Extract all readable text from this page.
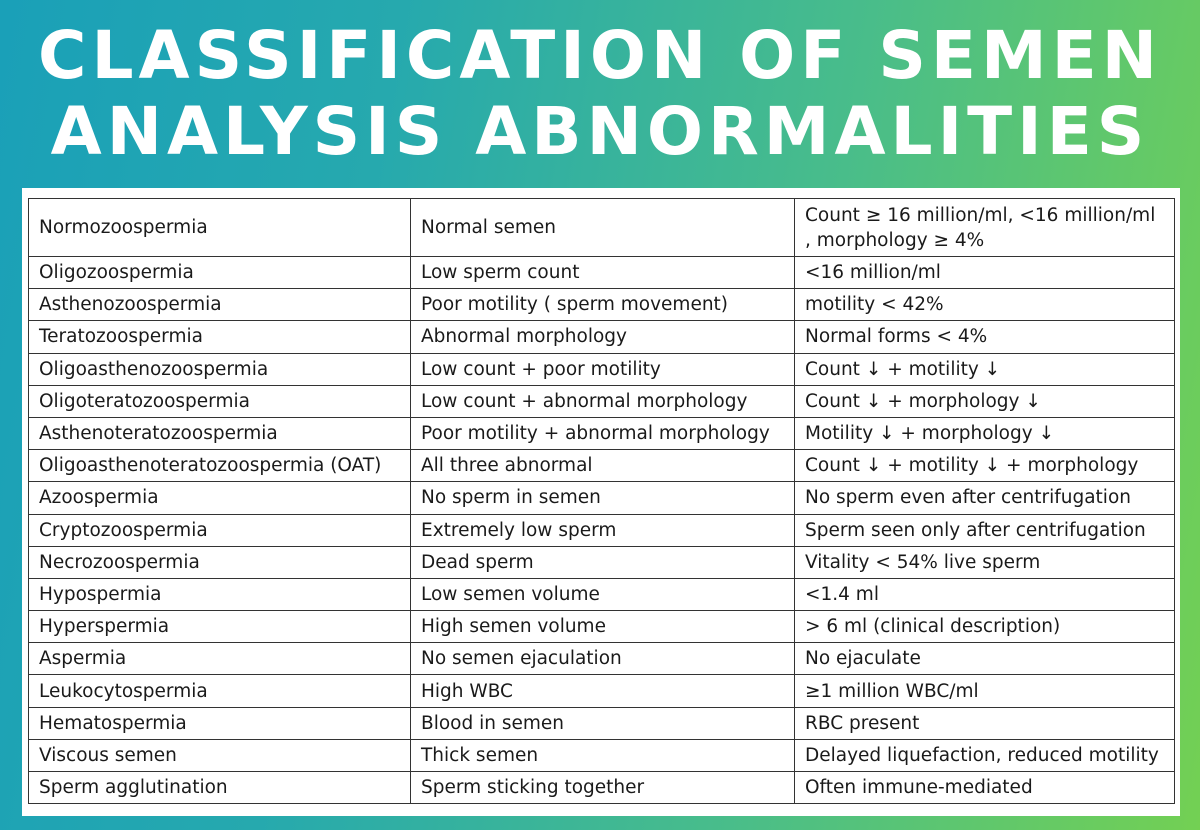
CLASSIFICATION OF SEMEN
ANALYSIS ABNORMALITIES
Normozoospermia	Normal semen	Count ≥ 16 million/ml, <16 million/ml , morphology ≥ 4%
Oligozoospermia	Low sperm count	<16 million/ml
Asthenozoospermia	Poor motility ( sperm movement)	motility < 42%
Teratozoospermia	Abnormal morphology	Normal forms < 4%
Oligoasthenozoospermia	Low count + poor motility	Count ↓ + motility ↓
Oligoteratozoospermia	Low count + abnormal morphology	Count ↓ + morphology ↓
Asthenoteratozoospermia	Poor motility + abnormal morphology	Motility ↓ + morphology ↓
Oligoasthenoteratozoospermia (OAT)	All three abnormal	Count ↓ + motility ↓ + morphology
Azoospermia	No sperm in semen	No sperm even after centrifugation
Cryptozoospermia	Extremely low sperm	Sperm seen only after centrifugation
Necrozoospermia	Dead sperm	Vitality < 54% live sperm
Hypospermia	Low semen volume	<1.4 ml
Hyperspermia	High semen volume	> 6 ml (clinical description)
Aspermia	No semen ejaculation	No ejaculate
Leukocytospermia	High WBC	≥1 million WBC/ml
Hematospermia	Blood in semen	RBC present
Viscous semen	Thick semen	Delayed liquefaction, reduced motility
Sperm agglutination	Sperm sticking together	Often immune-mediated
